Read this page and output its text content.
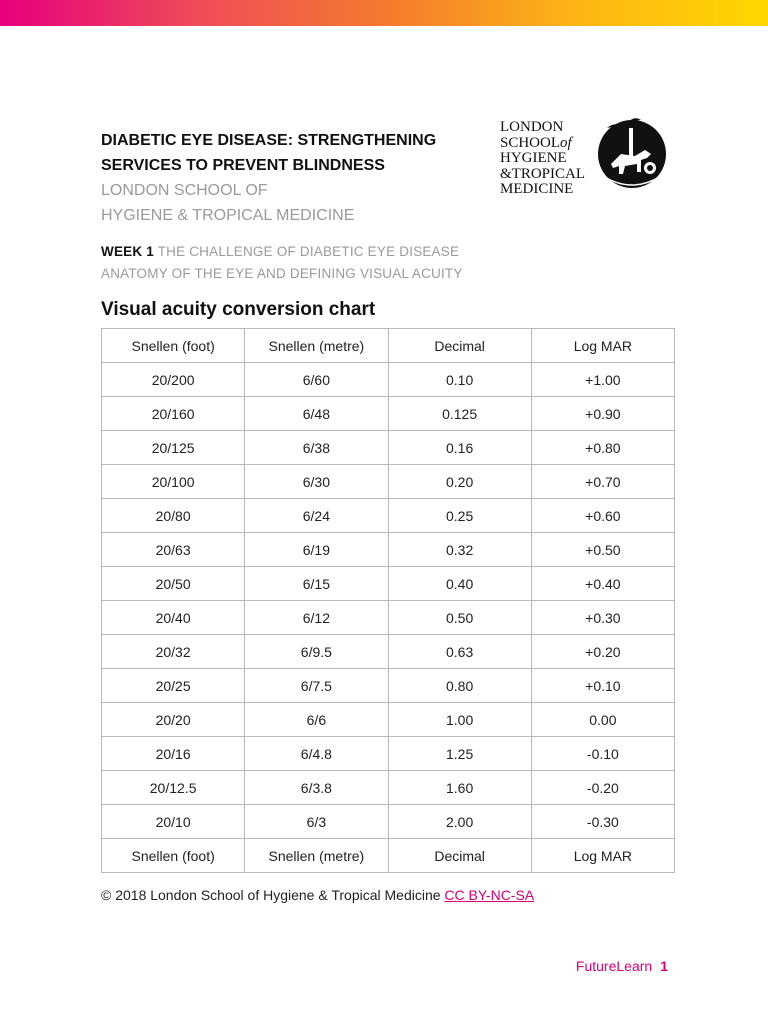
DIABETIC EYE DISEASE: STRENGTHENING
SERVICES TO PREVENT BLINDNESS

LONDON SCHOOL OF
HYGIENE & TROPICAL MEDICINE

LONDON
SCHOOLof
HYGIENE
&TROPICAL
MEDICINE
WEEK 1 THE CHALLENGE OF DIABETIC EYE DISEASE
ANATOMY OF THE EYE AND DEFINING VISUAL ACUITY
Visual acuity conversion chart
Snellen (foot)	Snellen (metre)	Decimal	Log MAR
20/200	6/60	0.10	+1.00
20/160	6/48	0.125	+0.90
20/125	6/38	0.16	+0.80
20/100	6/30	0.20	+0.70
20/80	6/24	0.25	+0.60
20/63	6/19	0.32	+0.50
20/50	6/15	0.40	+0.40
20/40	6/12	0.50	+0.30
20/32	6/9.5	0.63	+0.20
20/25	6/7.5	0.80	+0.10
20/20	6/6	1.00	0.00
20/16	6/4.8	1.25	-0.10
20/12.5	6/3.8	1.60	-0.20
20/10	6/3	2.00	-0.30
Snellen (foot)	Snellen (metre)	Decimal	Log MAR
© 2018 London School of Hygiene & Tropical Medicine CC BY-NC-SA
FutureLearn 1
